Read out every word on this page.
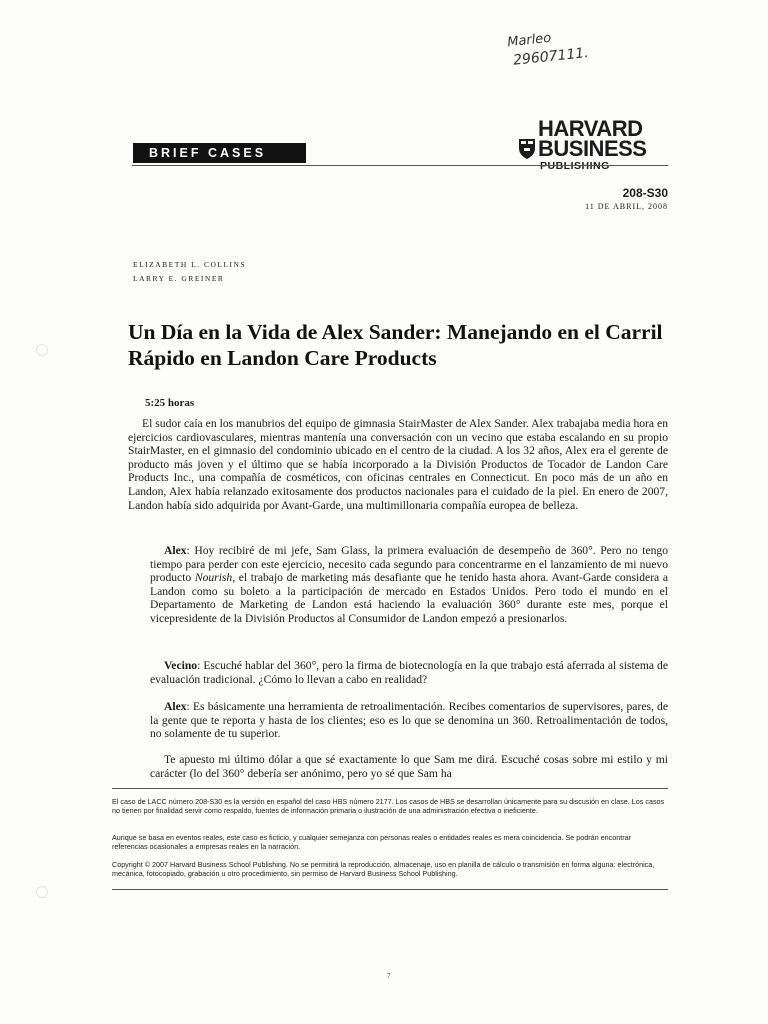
Marleo
29607111.
BRIEF CASES
HARVARD
BUSINESS
PUBLISHING
208-S30
11 DE ABRIL, 2008
ELIZABETH L. COLLINS
LARRY E. GREINER
Un Día en la Vida de Alex Sander: Manejando en el Carril Rápido en Landon Care Products
5:25 horas

El sudor caía en los manubrios del equipo de gimnasia StairMaster de Alex Sander. Alex trabajaba media hora en ejercicios cardiovasculares, mientras mantenía una conversación con un vecino que estaba escalando en su propio StairMaster, en el gimnasio del condominio ubicado en el centro de la ciudad. A los 32 años, Alex era el gerente de producto más joven y el último que se había incorporado a la División Productos de Tocador de Landon Care Products Inc., una compañía de cosméticos, con oficinas centrales en Connecticut. En poco más de un año en Landon, Alex había relanzado exitosamente dos productos nacionales para el cuidado de la piel. En enero de 2007, Landon había sido adquirida por Avant-Garde, una multimillonaria compañía europea de belleza.

Alex: Hoy recibiré de mi jefe, Sam Glass, la primera evaluación de desempeño de 360°. Pero no tengo tiempo para perder con este ejercicio, necesito cada segundo para concentrarme en el lanzamiento de mi nuevo producto Nourish, el trabajo de marketing más desafiante que he tenido hasta ahora. Avant-Garde considera a Landon como su boleto a la participación de mercado en Estados Unidos. Pero todo el mundo en el Departamento de Marketing de Landon está haciendo la evaluación 360° durante este mes, porque el vicepresidente de la División Productos al Consumidor de Landon empezó a presionarlos.

Vecino: Escuché hablar del 360°, pero la firma de biotecnología en la que trabajo está aferrada al sistema de evaluación tradicional. ¿Cómo lo llevan a cabo en realidad?

Alex: Es básicamente una herramienta de retroalimentación. Recibes comentarios de supervisores, pares, de la gente que te reporta y hasta de los clientes; eso es lo que se denomina un 360. Retroalimentación de todos, no solamente de tu superior.

Te apuesto mi último dólar a que sé exactamente lo que Sam me dirá. Escuché cosas sobre mi estilo y mi carácter (lo del 360° debería ser anónimo, pero yo sé que Sam ha

El caso de LACC número 208-S30 es la versión en español del caso HBS número 2177. Los casos de HBS se desarrollan únicamente para su discusión en clase. Los casos no tienen por finalidad servir como respaldo, fuentes de información primaria o ilustración de una administración efectiva o ineficiente.

Aunque se basa en eventos reales, este caso es ficticio, y cualquier semejanza con personas reales o entidades reales es mera coincidencia. Se podrán encontrar referencias ocasionales a empresas reales en la narración.

Copyright © 2007 Harvard Business School Publishing. No se permitirá la reproducción, almacenaje, uso en planilla de cálculo o transmisión en forma alguna: electrónica, mecánica, fotocopiado, grabación u otro procedimiento, sin permiso de Harvard Business School Publishing.

7
